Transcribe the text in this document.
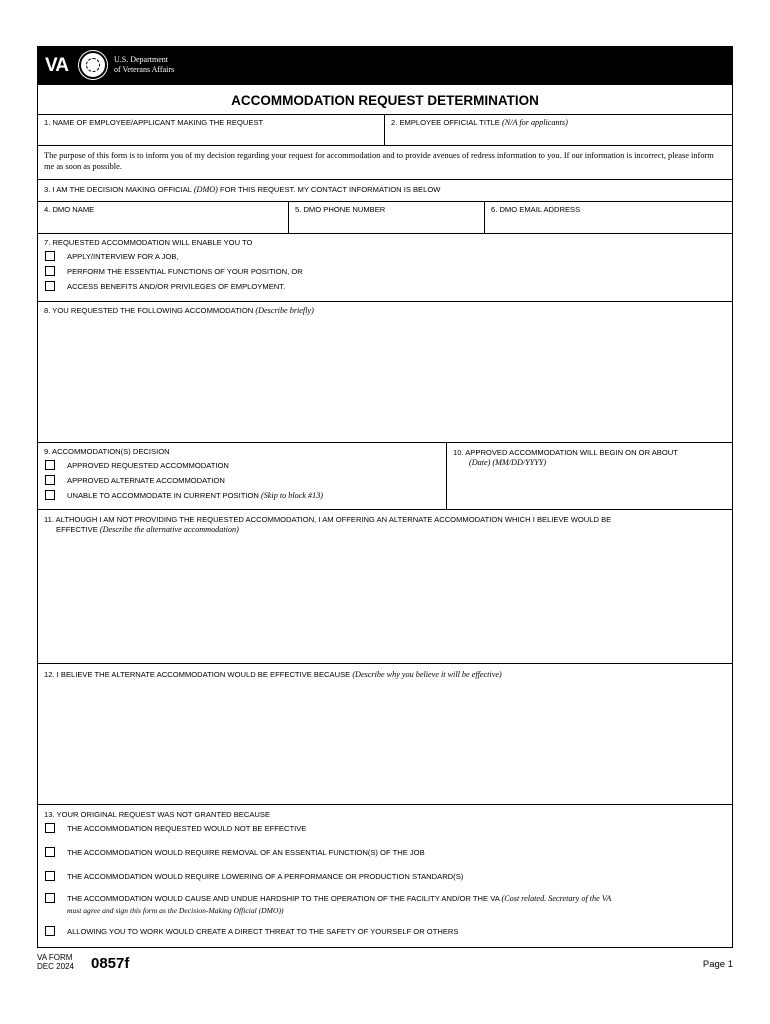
VA	U.S. Department
of Veterans Affairs
ACCOMMODATION REQUEST DETERMINATION
1. NAME OF EMPLOYEE/APPLICANT MAKING THE REQUEST	2. EMPLOYEE OFFICIAL TITLE (N/A for applicants)
The purpose of this form is to inform you of my decision regarding your request for accommodation and to provide avenues of redress information to you. If our information is incorrect, please inform me as soon as possible.
3. I AM THE DECISION MAKING OFFICIAL (DMO) FOR THIS REQUEST. MY CONTACT INFORMATION IS BELOW
4. DMO NAME	5. DMO PHONE NUMBER	6. DMO EMAIL ADDRESS
7. REQUESTED ACCOMMODATION WILL ENABLE YOU TO
APPLY/INTERVIEW FOR A JOB,
PERFORM THE ESSENTIAL FUNCTIONS OF YOUR POSITION, OR
ACCESS BENEFITS AND/OR PRIVILEGES OF EMPLOYMENT.
8. YOU REQUESTED THE FOLLOWING ACCOMMODATION (Describe briefly)
9. ACCOMMODATION(S) DECISION
APPROVED REQUESTED ACCOMMODATION
APPROVED ALTERNATE ACCOMMODATION
UNABLE TO ACCOMMODATE IN CURRENT POSITION (Skip to block #13)
10. APPROVED ACCOMMODATION WILL BEGIN ON OR ABOUT
(Date) (MM/DD/YYYY)
11. ALTHOUGH I AM NOT PROVIDING THE REQUESTED ACCOMMODATION, I AM OFFERING AN ALTERNATE ACCOMMODATION WHICH I BELIEVE WOULD BE
EFFECTIVE (Describe the alternative accommodation)
12. I BELIEVE THE ALTERNATE ACCOMMODATION WOULD BE EFFECTIVE BECAUSE (Describe why you believe it will be effective)
13. YOUR ORIGINAL REQUEST WAS NOT GRANTED BECAUSE
THE ACCOMMODATION REQUESTED WOULD NOT BE EFFECTIVE
THE ACCOMMODATION WOULD REQUIRE REMOVAL OF AN ESSENTIAL FUNCTION(S) OF THE JOB
THE ACCOMMODATION WOULD REQUIRE LOWERING OF A PERFORMANCE OR PRODUCTION STANDARD(S)
THE ACCOMMODATION WOULD CAUSE AND UNDUE HARDSHIP TO THE OPERATION OF THE FACILITY AND/OR THE VA (Cost related. Secretary of the VA
must agree and sign this form as the Decision-Making Official (DMO))
ALLOWING YOU TO WORK WOULD CREATE A DIRECT THREAT TO THE SAFETY OF YOURSELF OR OTHERS
VA FORM
DEC 2024 0857f	Page 1
